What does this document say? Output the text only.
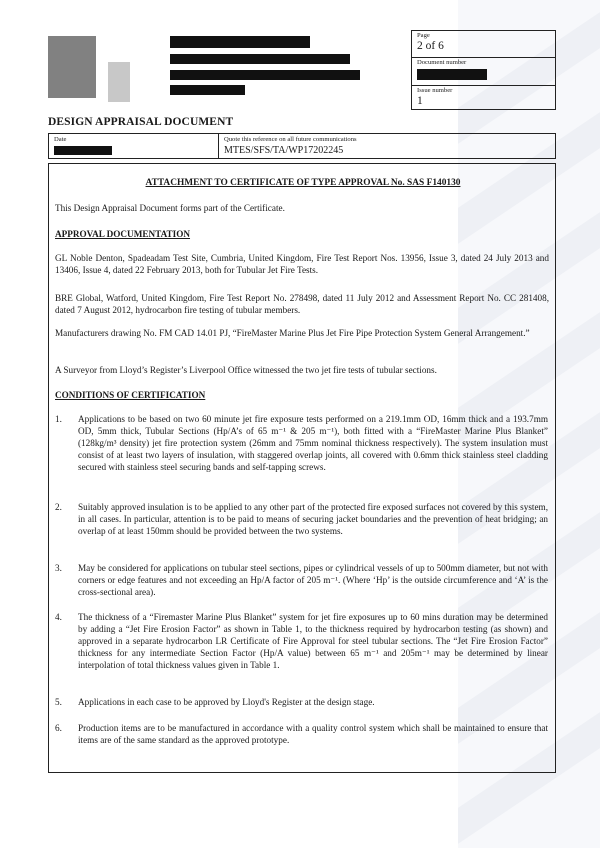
Page
2 of 6
Document number
Issue number
1
DESIGN APPRAISAL DOCUMENT
Date	Quote this reference on all future communications
MTES/SFS/TA/WP17202245
ATTACHMENT TO CERTIFICATE OF TYPE APPROVAL No. SAS F140130
This Design Appraisal Document forms part of the Certificate.
APPROVAL DOCUMENTATION
GL Noble Denton, Spadeadam Test Site, Cumbria, United Kingdom, Fire Test Report Nos. 13956, Issue 3, dated 24 July 2013 and 13406, Issue 4, dated 22 February 2013, both for Tubular Jet Fire Tests.
BRE Global, Watford, United Kingdom, Fire Test Report No. 278498, dated 11 July 2012 and Assessment Report No. CC 281408, dated 7 August 2012, hydrocarbon fire testing of tubular members.
Manufacturers drawing No. FM CAD 14.01 PJ, “FireMaster Marine Plus Jet Fire Pipe Protection System General Arrangement.”
A Surveyor from Lloyd’s Register’s Liverpool Office witnessed the two jet fire tests of tubular sections.
CONDITIONS OF CERTIFICATION
1. Applications to be based on two 60 minute jet fire exposure tests performed on a 219.1mm OD, 16mm thick and a 193.7mm OD, 5mm thick, Tubular Sections (Hp/A’s of 65 m⁻¹ & 205 m⁻¹), both fitted with a “FireMaster Marine Plus Blanket” (128kg/m³ density) jet fire protection system (26mm and 75mm nominal thickness respectively). The system insulation must consist of at least two layers of insulation, with staggered overlap joints, all covered with 0.6mm thick stainless steel cladding secured with stainless steel securing bands and self-tapping screws.
2. Suitably approved insulation is to be applied to any other part of the protected fire exposed surfaces not covered by this system, in all cases. In particular, attention is to be paid to means of securing jacket boundaries and the prevention of heat bridging; an overlap of at least 150mm should be provided between the two systems.
3. May be considered for applications on tubular steel sections, pipes or cylindrical vessels of up to 500mm diameter, but not with corners or edge features and not exceeding an Hp/A factor of 205 m⁻¹. (Where ‘Hp’ is the outside circumference and ‘A’ is the cross-sectional area).
4. The thickness of a “Firemaster Marine Plus Blanket” system for jet fire exposures up to 60 mins duration may be determined by adding a “Jet Fire Erosion Factor” as shown in Table 1, to the thickness required by hydrocarbon testing (as shown) and approved in a separate hydrocarbon LR Certificate of Fire Approval for steel tubular sections. The “Jet Fire Erosion Factor” thickness for any intermediate Section Factor (Hp/A value) between 65 m⁻¹ and 205m⁻¹ may be determined by linear interpolation of total thickness values given in Table 1.
5. Applications in each case to be approved by Lloyd's Register at the design stage.
6. Production items are to be manufactured in accordance with a quality control system which shall be maintained to ensure that items are of the same standard as the approved prototype.
